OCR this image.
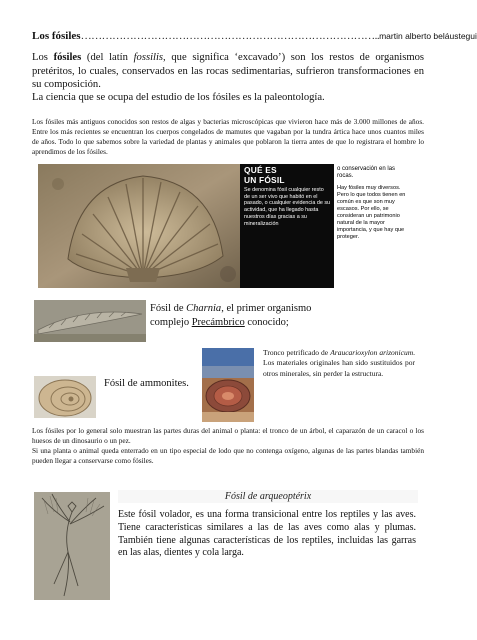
Los fósiles…………………………………………………………………………..martin alberto beláustegui
Los fósiles (del latín fossilis, que significa ‘excavado’) son los restos de organismos pretéritos, lo cuales, conservados en las rocas sedimentarias, sufrieron transformaciones en su composición.
La ciencia que se ocupa del estudio de los fósiles es la paleontología.
Los fósiles más antiguos conocidos son restos de algas y bacterias microscópicas que vivieron hace más de 3.000 millones de años. Entre los más recientes se encuentran los cuerpos congelados de mamutes que vagaban por la tundra ártica hace unos cuantos miles de años. Todo lo que sabemos sobre la variedad de plantas y animales que poblaron la tierra antes de que lo registrara el hombre lo aprendimos de los fósiles.
QUÉ ES
UN FÓSIL
Se denomina fósil cualquier resto de un ser vivo que habitó en el pasado, o cualquier evidencia de su actividad, que ha llegado hasta nuestros días gracias a su mineralización
o conservación en las rocas.
Hay fósiles muy diversos. Pero lo que todos tienen en común es que son muy escasos. Por ello, se consideran un patrimonio natural de la mayor importancia, y que hay que proteger.
Fósil de Charnia, el primer organismo
complejo Precámbrico conocido;
Fósil de ammonites.
Tronco petrificado de Araucarioxylon arizonicum. Los materiales originales han sido sustituidos por otros minerales, sin perder la estructura.
Los fósiles por lo general solo muestran las partes duras del animal o planta: el tronco de un árbol, el caparazón de un caracol o los huesos de un dinosaurio o un pez.
Si una planta o animal queda enterrado en un tipo especial de lodo que no contenga oxígeno, algunas de las partes blandas también pueden llegar a conservarse como fósiles.
Fósil de arqueoptérix
Este fósil volador, es una forma transicional entre los reptiles y las aves. Tiene características similares a las de las aves como alas y plumas. También tiene algunas características de los reptiles, incluidas las garras en las alas, dientes y cola larga.
